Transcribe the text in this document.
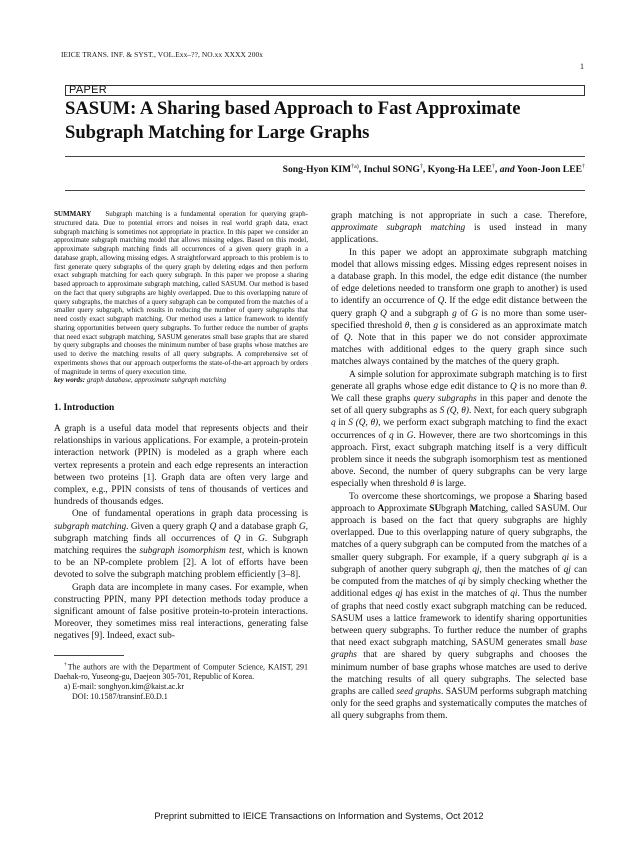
IEICE TRANS. INF. & SYST., VOL.Exx–??, NO.xx XXXX 200x
1
PAPER
SASUM: A Sharing based Approach to Fast Approximate
Subgraph Matching for Large Graphs
Song-Hyon KIM$^{\dagger a)}$, Inchul SONG†, Kyong-Ha LEE†, and Yoon-Joon LEE†
SUMMARY Subgraph matching is a fundamental operation for querying graph-structured data. Due to potential errors and noises in real world graph data, exact subgraph matching is sometimes not appropriate in practice. In this paper we consider an approximate subgraph matching model that allows missing edges. Based on this model, approximate subgraph matching finds all occurrences of a given query graph in a database graph, allowing missing edges. A straightforward approach to this problem is to first generate query subgraphs of the query graph by deleting edges and then perform exact subgraph matching for each query subgraph. In this paper we propose a sharing based approach to approximate subgraph matching, called SASUM. Our method is based on the fact that query subgraphs are highly overlapped. Due to this overlapping nature of query subgraphs, the matches of a query subgraph can be computed from the matches of a smaller query subgraph, which results in reducing the number of query subgraphs that need costly exact subgraph matching. Our method uses a lattice framework to identify sharing opportunities between query subgraphs. To further reduce the number of graphs that need exact subgraph matching, SASUM generates small base graphs that are shared by query subgraphs and chooses the minimum number of base graphs whose matches are used to derive the matching results of all query subgraphs. A comprehensive set of experiments shows that our approach outperforms the state-of-the-art approach by orders of magnitude in terms of query execution time.
key words: graph database, approximate subgraph matching
1. Introduction

A graph is a useful data model that represents objects and their relationships in various applications. For example, a protein-protein interaction network (PPIN) is modeled as a graph where each vertex represents a protein and each edge represents an interaction between two proteins [1]. Graph data are often very large and complex, e.g., PPIN consists of tens of thousands of vertices and hundreds of thousands edges.

One of fundamental operations in graph data processing is subgraph matching. Given a query graph Q and a database graph G, subgraph matching finds all occurrences of Q in G. Subgraph matching requires the subgraph isomorphism test, which is known to be an NP-complete problem [2]. A lot of efforts have been devoted to solve the subgraph matching problem efficiently [3–8].

Graph data are incomplete in many cases. For example, when constructing PPIN, many PPI detection methods today produce a significant amount of false positive protein-to-protein interactions. Moreover, they sometimes miss real interactions, generating false negatives [9]. Indeed, exact sub-

†The authors are with the Department of Computer Science, KAIST, 291 Daehak-ro, Yuseong-gu, Daejeon 305-701, Republic of Korea.

a) E-mail: songhyon.kim@kaist.ac.kr

DOI: 10.1587/transinf.E0.D.1

graph matching is not appropriate in such a case. Therefore, approximate subgraph matching is used instead in many applications.

In this paper we adopt an approximate subgraph matching model that allows missing edges. Missing edges represent noises in a database graph. In this model, the edge edit distance (the number of edge deletions needed to transform one graph to another) is used to identify an occurrence of Q. If the edge edit distance between the query graph Q and a subgraph g of G is no more than some user-specified threshold θ, then g is considered as an approximate match of Q. Note that in this paper we do not consider approximate matches with additional edges to the query graph since such matches always contained by the matches of the query graph.

A simple solution for approximate subgraph matching is to first generate all graphs whose edge edit distance to Q is no more than θ. We call these graphs query subgraphs in this paper and denote the set of all query subgraphs as S (Q, θ). Next, for each query subgraph q in S (Q, θ), we perform exact subgraph matching to find the exact occurrences of q in G. However, there are two shortcomings in this approach. First, exact subgraph matching itself is a very difficult problem since it needs the subgraph isomorphism test as mentioned above. Second, the number of query subgraphs can be very large especially when threshold θ is large.

To overcome these shortcomings, we propose a Sharing based approach to Approximate SUbgraph Matching, called SASUM. Our approach is based on the fact that query subgraphs are highly overlapped. Due to this overlapping nature of query subgraphs, the matches of a query subgraph can be computed from the matches of a smaller query subgraph. For example, if a query subgraph qi is a subgraph of another query subgraph qj, then the matches of qj can be computed from the matches of qi by simply checking whether the additional edges qj has exist in the matches of qi. Thus the number of graphs that need costly exact subgraph matching can be reduced. SASUM uses a lattice framework to identify sharing opportunities between query subgraphs. To further reduce the number of graphs that need exact subgraph matching, SASUM generates small base graphs that are shared by query subgraphs and chooses the minimum number of base graphs whose matches are used to derive the matching results of all query subgraphs. The selected base graphs are called seed graphs. SASUM performs subgraph matching only for the seed graphs and systematically computes the matches of all query subgraphs from them.

Preprint submitted to IEICE Transactions on Information and Systems, Oct 2012
